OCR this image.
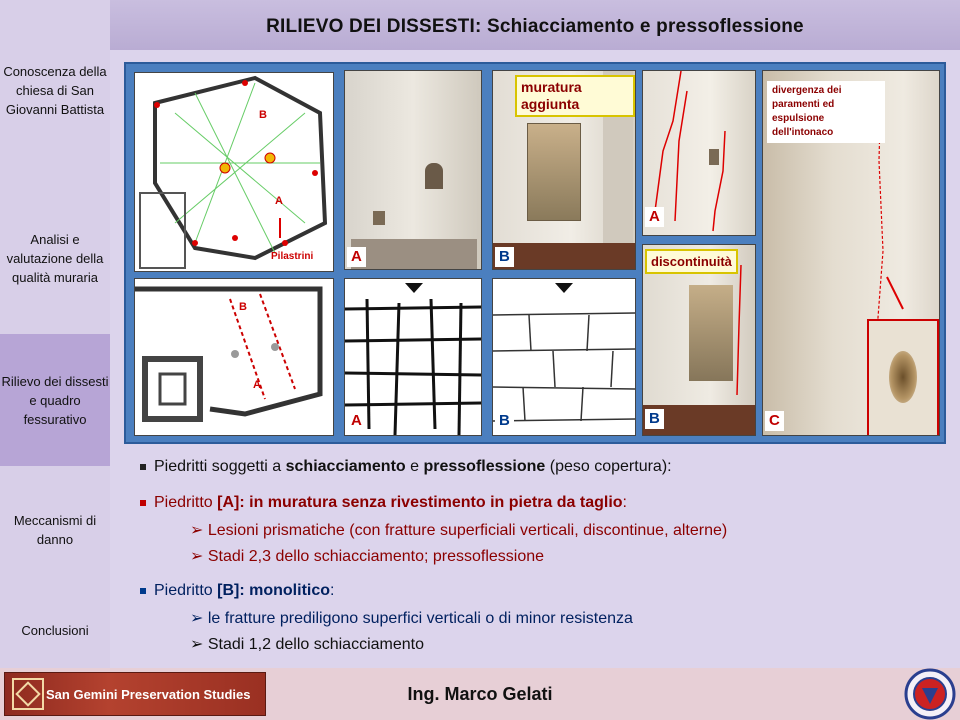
Conoscenza della chiesa di San Giovanni Battista
Analisi e valutazione della qualità muraria
Rilievo dei dissesti e quadro fessurativo
Meccanismi di danno
Conclusioni
RILIEVO DEI DISSESTI: Schiacciamento e pressoflessione
B
A
Pilastrini
B
A
A
muratura aggiunta
B
A
discontinuità
B
divergenza dei paramenti ed espulsione dell'intonaco
C
A	B
Piedritti soggetti a schiacciamento e pressoflessione (peso copertura):
Piedritto [A]: in muratura senza rivestimento in pietra da taglio:
➢ Lesioni prismatiche (con fratture superficiali verticali, discontinue, alterne)
➢ Stadi 2,3 dello schiacciamento; pressoflessione
Piedritto [B]: monolitico:
➢ le fratture prediligono superfici verticali o di minor resistenza
➢ Stadi 1,2 dello schiacciamento
San Gemini Preservation Studies	Ing. Marco Gelati
